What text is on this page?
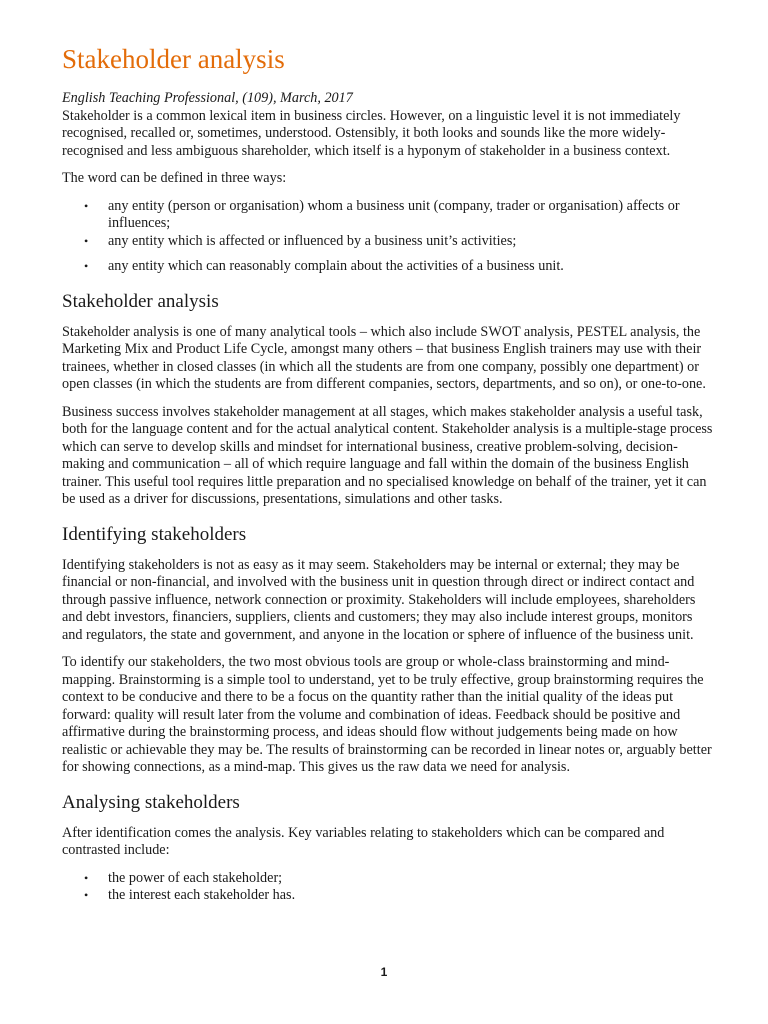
Stakeholder analysis

English Teaching Professional, (109), March, 2017

Stakeholder is a common lexical item in business circles. However, on a linguistic level it is not immediately recognised, recalled or, sometimes, understood. Ostensibly, it both looks and sounds like the more widely-recognised and less ambiguous shareholder, which itself is a hyponym of stakeholder in a business context.

The word can be defined in three ways:

• any entity (person or organisation) whom a business unit (company, trader or organisation) affects or influences;
• any entity which is affected or influenced by a business unit’s activities;
• any entity which can reasonably complain about the activities of a business unit.
Stakeholder analysis

Stakeholder analysis is one of many analytical tools – which also include SWOT analysis, PESTEL analysis, the Marketing Mix and Product Life Cycle, amongst many others – that business English trainers may use with their trainees, whether in closed classes (in which all the students are from one company, possibly one department) or open classes (in which the students are from different companies, sectors, departments, and so on), or one-to-one.

Business success involves stakeholder management at all stages, which makes stakeholder analysis a useful task, both for the language content and for the actual analytical content. Stakeholder analysis is a multiple-stage process which can serve to develop skills and mindset for international business, creative problem-solving, decision-making and communication – all of which require language and fall within the domain of the business English trainer. This useful tool requires little preparation and no specialised knowledge on behalf of the trainer, yet it can be used as a driver for discussions, presentations, simulations and other tasks.

Identifying stakeholders

Identifying stakeholders is not as easy as it may seem. Stakeholders may be internal or external; they may be financial or non-financial, and involved with the business unit in question through direct or indirect contact and through passive influence, network connection or proximity. Stakeholders will include employees, shareholders and debt investors, financiers, suppliers, clients and customers; they may also include interest groups, monitors and regulators, the state and government, and anyone in the location or sphere of influence of the business unit.

To identify our stakeholders, the two most obvious tools are group or whole-class brainstorming and mind-mapping. Brainstorming is a simple tool to understand, yet to be truly effective, group brainstorming requires the context to be conducive and there to be a focus on the quantity rather than the initial quality of the ideas put forward: quality will result later from the volume and combination of ideas. Feedback should be positive and affirmative during the brainstorming process, and ideas should flow without judgements being made on how realistic or achievable they may be. The results of brainstorming can be recorded in linear notes or, arguably better for showing connections, as a mind-map. This gives us the raw data we need for analysis.

Analysing stakeholders

After identification comes the analysis. Key variables relating to stakeholders which can be compared and contrasted include:

• the power of each stakeholder;
• the interest each stakeholder has.
1
